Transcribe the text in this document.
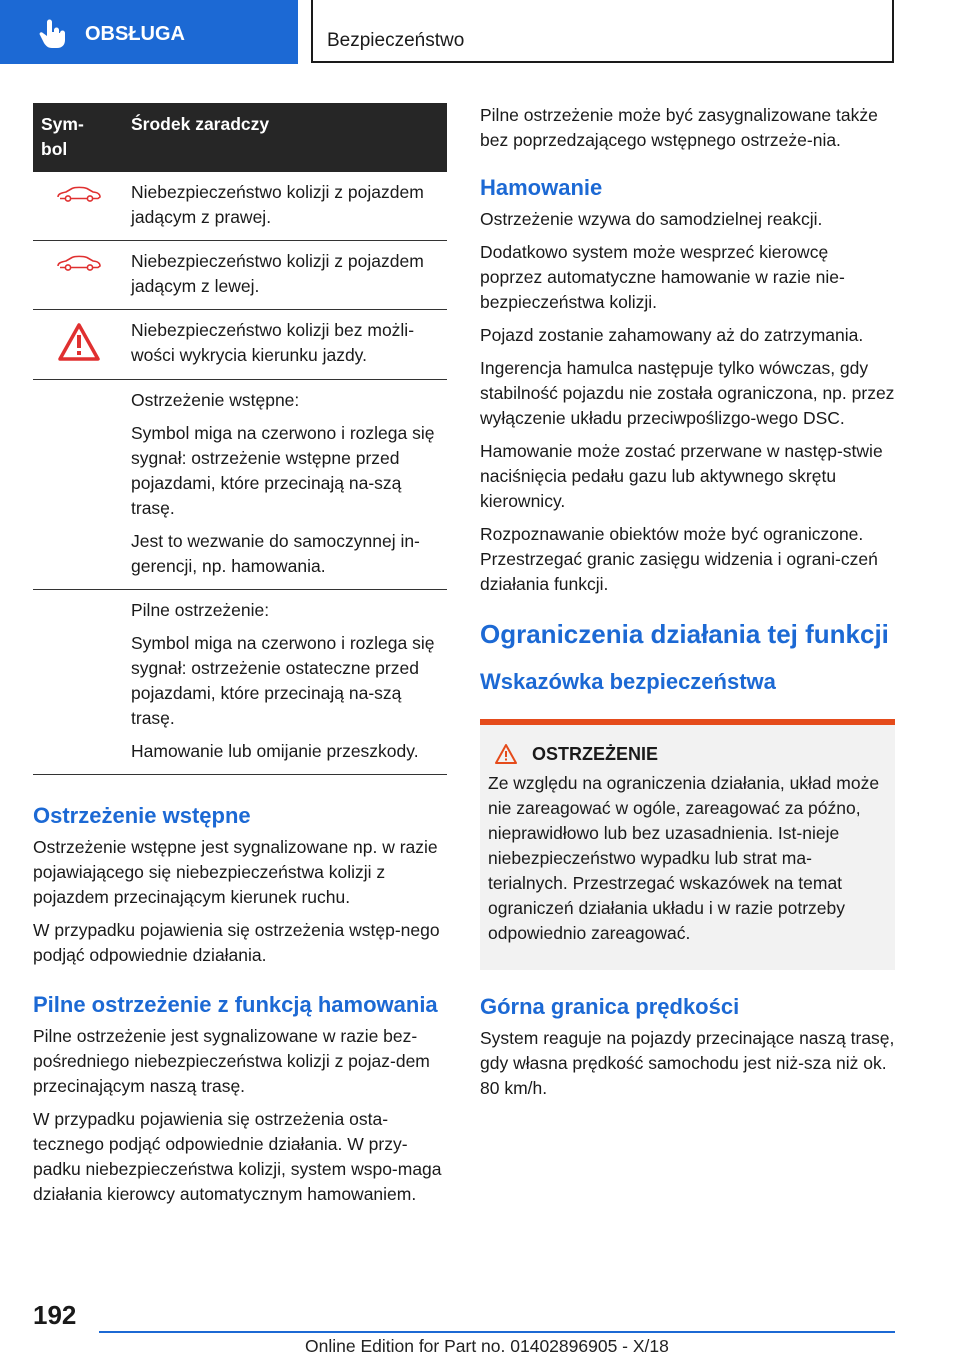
OBSŁUGA	Bezpieczeństwo
Sym-
bol	Środek zaradczy

Niebezpieczeństwo kolizji z pojazdem jadącym z prawej.

Niebezpieczeństwo kolizji z pojazdem jadącym z lewej.

Niebezpieczeństwo kolizji bez możli-wości wykrycia kierunku jazdy.

	Ostrzeżenie wstępne:

Symbol miga na czerwono i rozlega się sygnał: ostrzeżenie wstępne przed pojazdami, które przecinają na-szą trasę.

Jest to wezwanie do samoczynnej in-gerencji, np. hamowania.

	Pilne ostrzeżenie:

Symbol miga na czerwono i rozlega się sygnał: ostrzeżenie ostateczne przed pojazdami, które przecinają na-szą trasę.

Hamowanie lub omijanie przeszkody.

Ostrzeżenie wstępne

Ostrzeżenie wstępne jest sygnalizowane np. w razie pojawiającego się niebezpieczeństwa kolizji z pojazdem przecinającym kierunek ruchu.

W przypadku pojawienia się ostrzeżenia wstęp-nego podjąć odpowiednie działania.

Pilne ostrzeżenie z funkcją hamowania

Pilne ostrzeżenie jest sygnalizowane w razie bez-pośredniego niebezpieczeństwa kolizji z pojaz-dem przecinającym naszą trasę.

W przypadku pojawienia się ostrzeżenia osta-tecznego podjąć odpowiednie działania. W przy-padku niebezpieczeństwa kolizji, system wspo-maga działania kierowcy automatycznym hamowaniem.

Pilne ostrzeżenie może być zasygnalizowane także bez poprzedzającego wstępnego ostrzeże-nia.

Hamowanie

Ostrzeżenie wzywa do samodzielnej reakcji.

Dodatkowo system może wesprzeć kierowcę poprzez automatyczne hamowanie w razie nie-bezpieczeństwa kolizji.

Pojazd zostanie zahamowany aż do zatrzymania.

Ingerencja hamulca następuje tylko wówczas, gdy stabilność pojazdu nie została ograniczona, np. przez wyłączenie układu przeciwpoślizgo-wego DSC.

Hamowanie może zostać przerwane w następ-stwie naciśnięcia pedału gazu lub aktywnego skrętu kierownicy.

Rozpoznawanie obiektów może być ograniczone. Przestrzegać granic zasięgu widzenia i ograni-czeń działania funkcji.

Ograniczenia działania tej funkcji
Wskazówka bezpieczeństwa
OSTRZEŻENIE

Ze względu na ograniczenia działania, układ może nie zareagować w ogóle, zareagować za późno, nieprawidłowo lub bez uzasadnienia. Ist-nieje niebezpieczeństwo wypadku lub strat ma-terialnych. Przestrzegać wskazówek na temat ograniczeń działania układu i w razie potrzeby odpowiednio zareagować.

Górna granica prędkości

System reaguje na pojazdy przecinające naszą trasę, gdy własna prędkość samochodu jest niż-sza niż ok. 80 km/h.

192
Online Edition for Part no. 01402896905 - X/18
